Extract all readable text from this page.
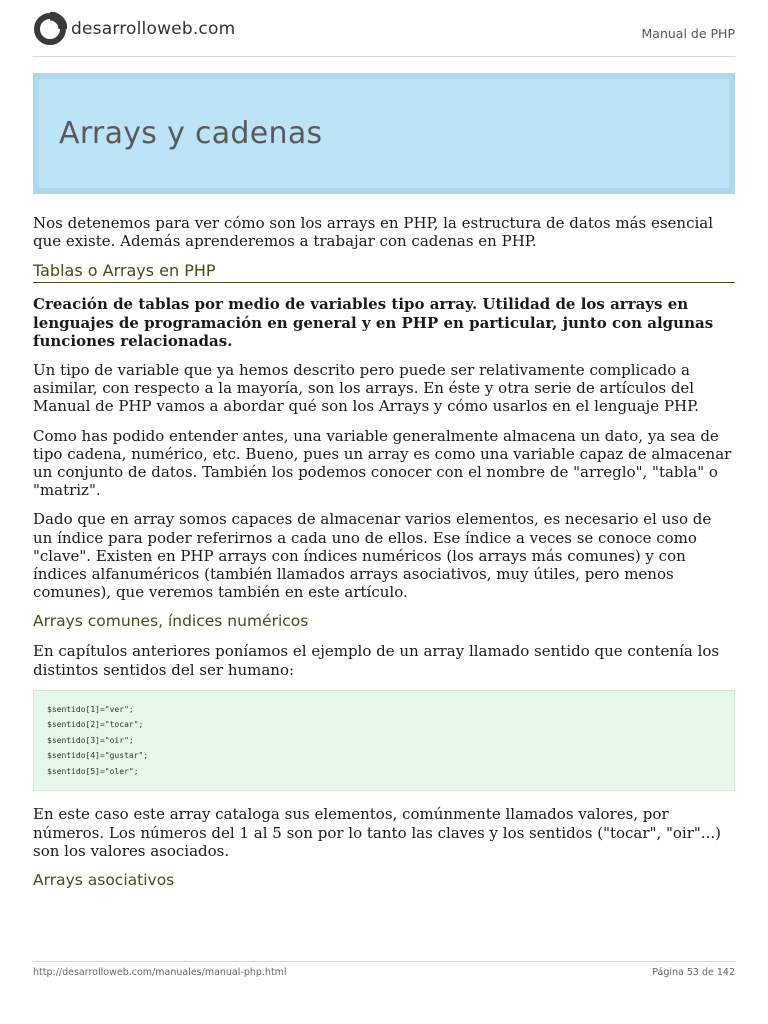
desarrolloweb.com	Manual de PHP
Arrays y cadenas

Nos detenemos para ver cómo son los arrays en PHP, la estructura de datos más esencial que existe. Además aprenderemos a trabajar con cadenas en PHP.

Tablas o Arrays en PHP

Creación de tablas por medio de variables tipo array. Utilidad de los arrays en lenguajes de programación en general y en PHP en particular, junto con algunas funciones relacionadas.

Un tipo de variable que ya hemos descrito pero puede ser relativamente complicado a asimilar, con respecto a la mayoría, son los arrays. En éste y otra serie de artículos del Manual de PHP vamos a abordar qué son los Arrays y cómo usarlos en el lenguaje PHP.

Como has podido entender antes, una variable generalmente almacena un dato, ya sea de tipo cadena, numérico, etc. Bueno, pues un array es como una variable capaz de almacenar un conjunto de datos. También los podemos conocer con el nombre de "arreglo", "tabla" o "matriz".

Dado que en array somos capaces de almacenar varios elementos, es necesario el uso de un índice para poder referirnos a cada uno de ellos. Ese índice a veces se conoce como "clave". Existen en PHP arrays con índices numéricos (los arrays más comunes) y con índices alfanuméricos (también llamados arrays asociativos, muy útiles, pero menos comunes), que veremos también en este artículo.

Arrays comunes, índices numéricos

En capítulos anteriores poníamos el ejemplo de un array llamado sentido que contenía los distintos sentidos del ser humano:

$sentido[1]="ver";
$sentido[2]="tocar";
$sentido[3]="oir";
$sentido[4]="gustar";
$sentido[5]="oler";

En este caso este array cataloga sus elementos, comúnmente llamados valores, por números. Los números del 1 al 5 son por lo tanto las claves y los sentidos ("tocar", "oir"...) son los valores asociados.

Arrays asociativos
http://desarrolloweb.com/manuales/manual-php.html	Página 53 de 142
